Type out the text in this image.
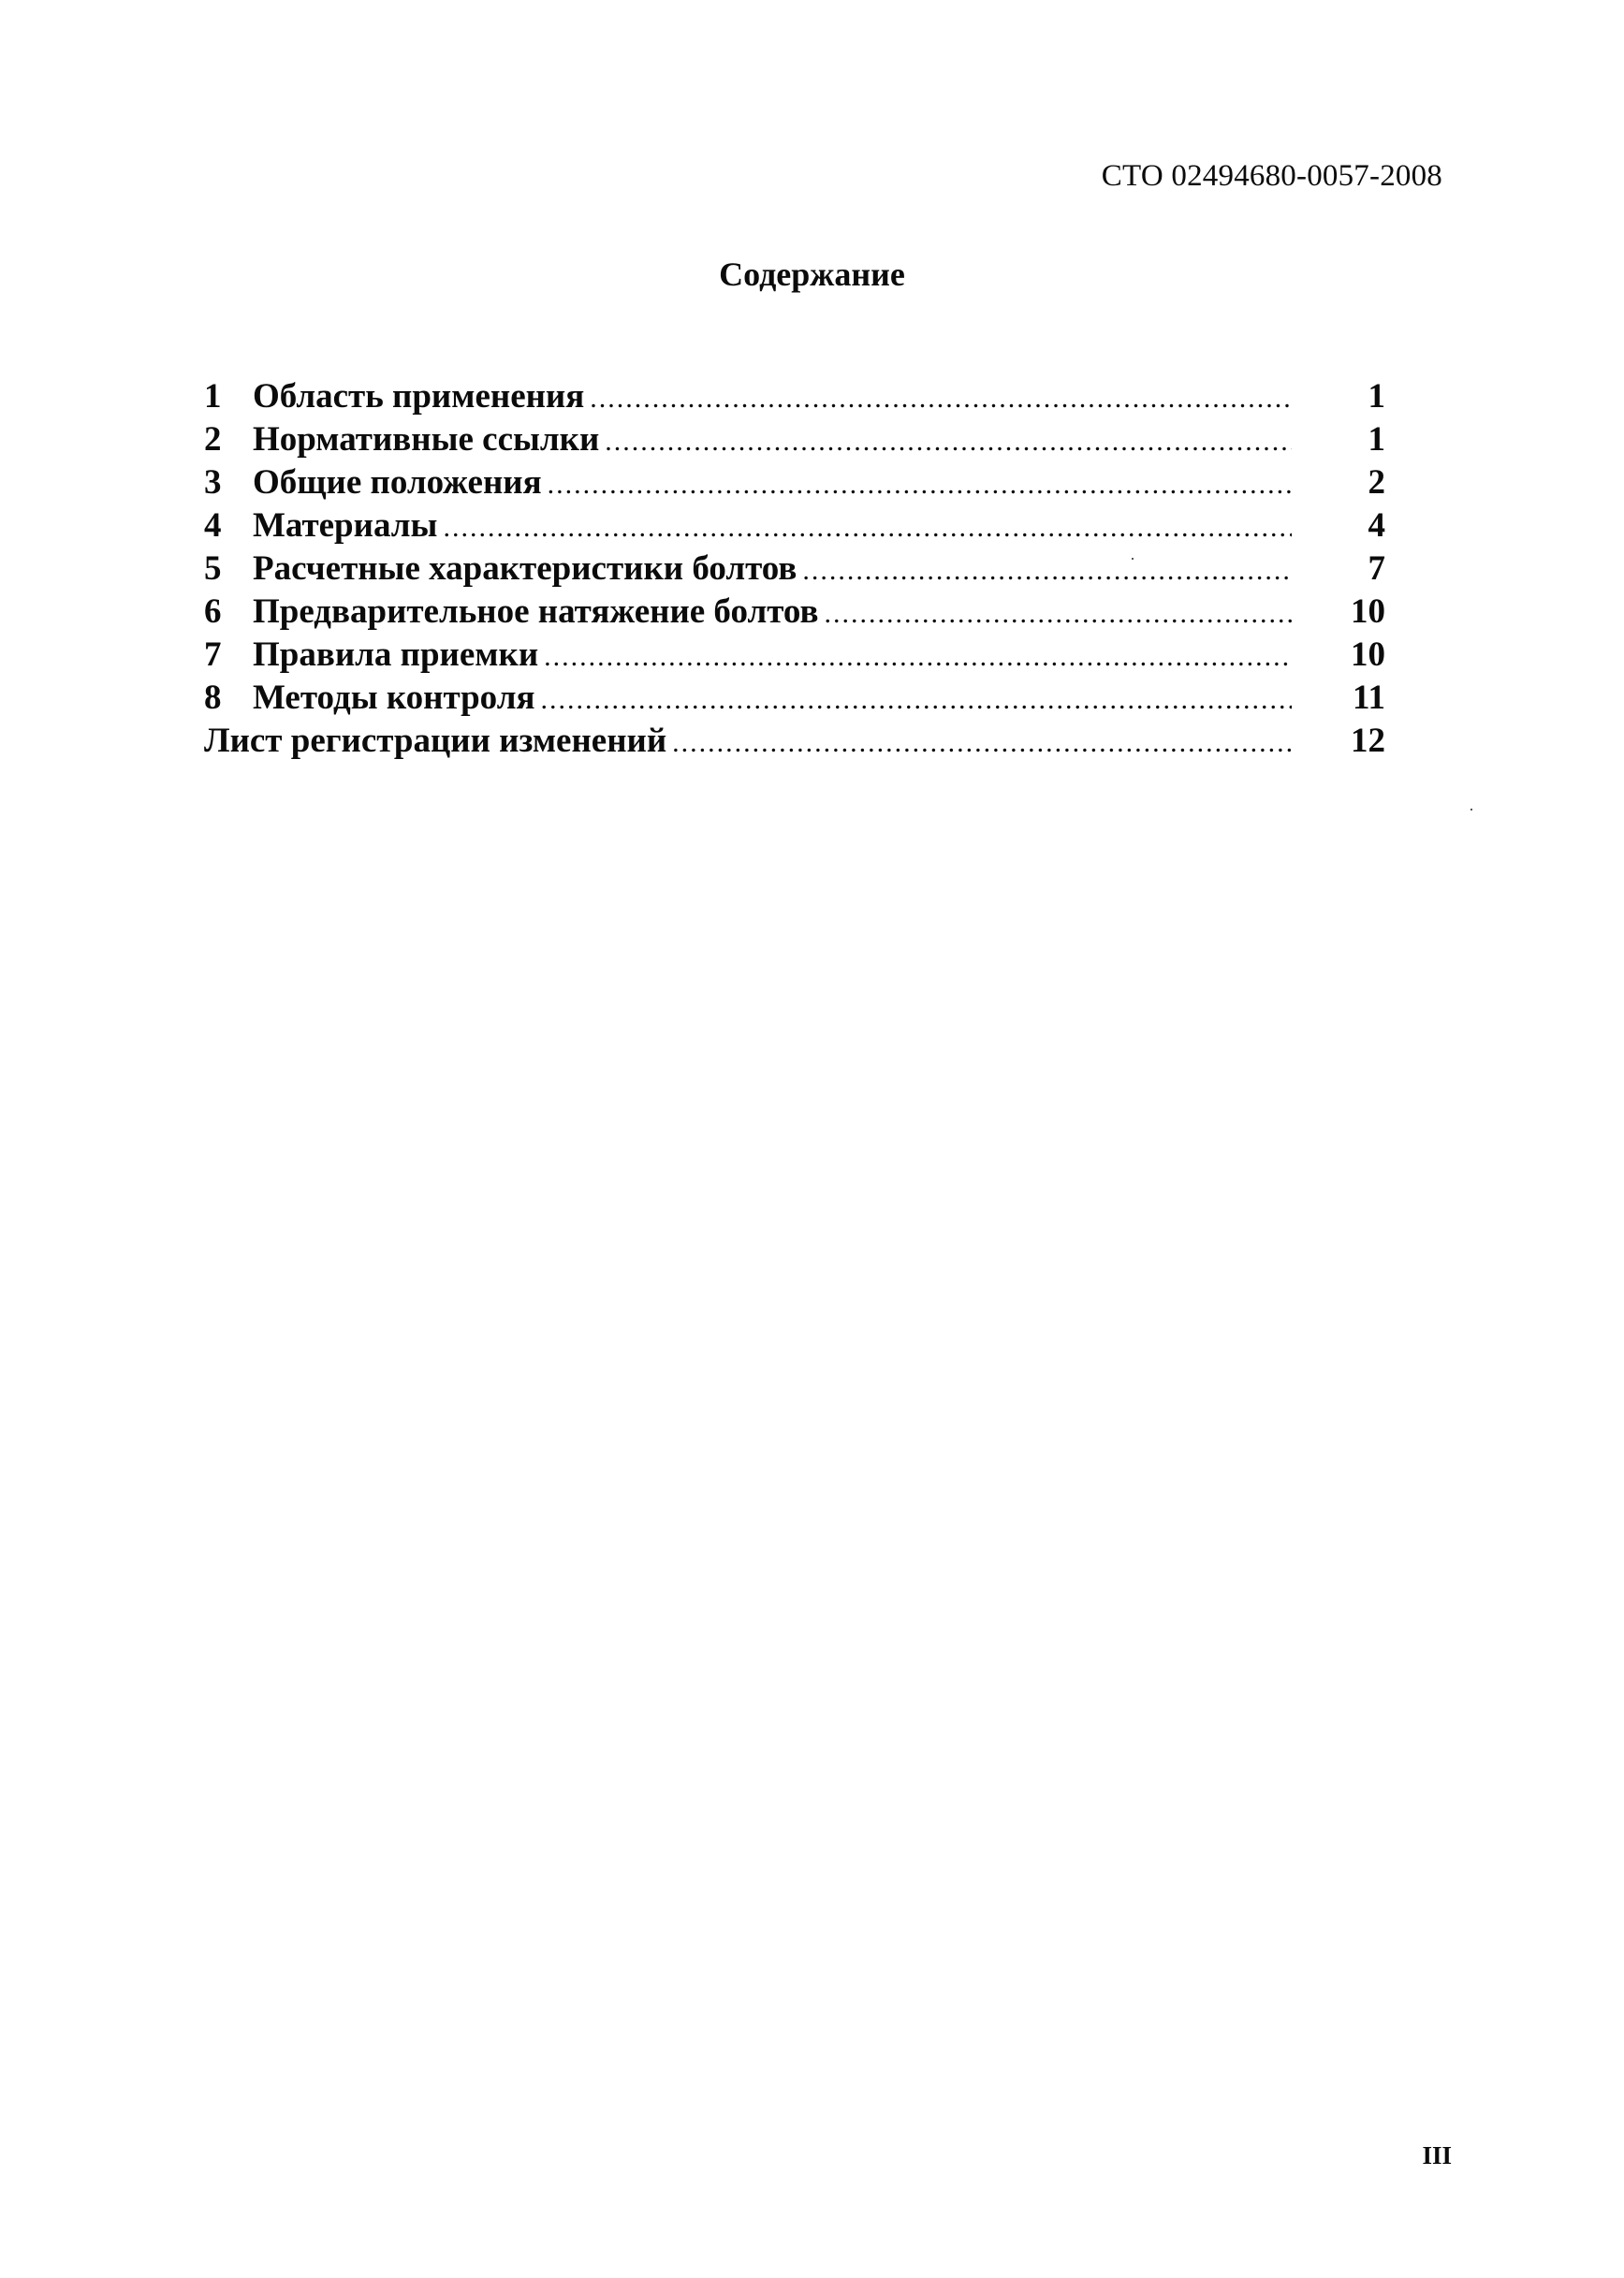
СТО 02494680-0057-2008
Содержание
1 Область применения .....	1
2 Нормативные ссылки .....	1
3 Общие положения .....	2
4 Материалы .....	4
5 Расчетные характеристики болтов .....	7
6 Предварительное натяжение болтов .....	10
7 Правила приемки .....	10
8 Методы контроля .....	11
Лист регистрации изменений .....	12
III
